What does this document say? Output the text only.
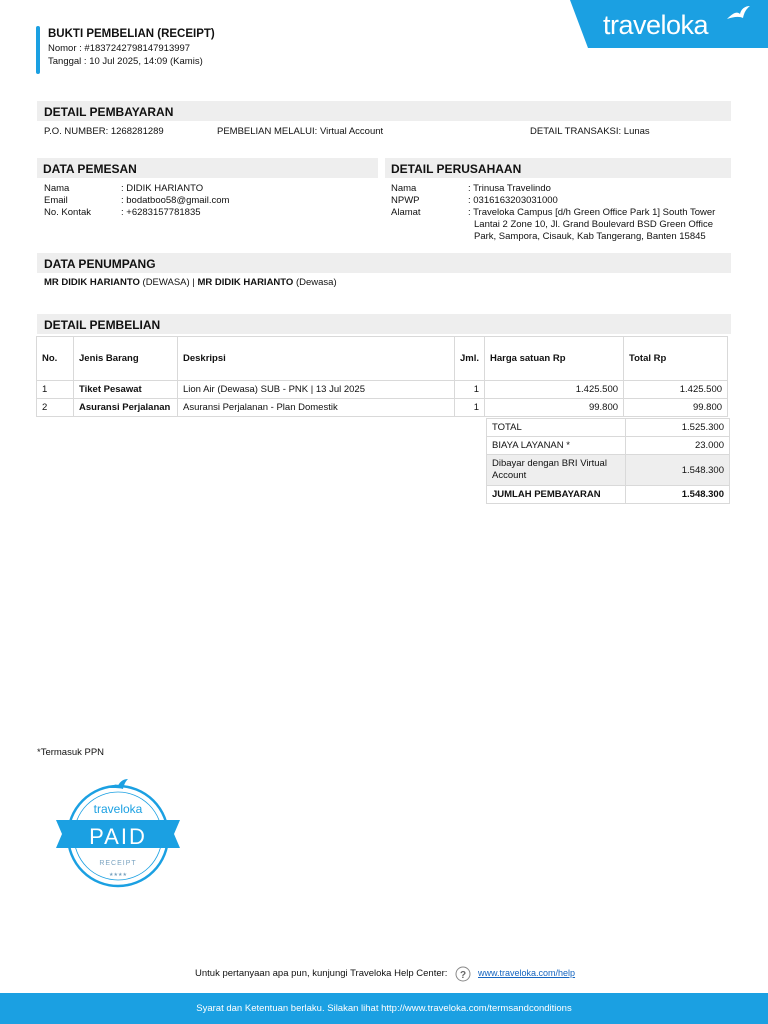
BUKTI PEMBELIAN (RECEIPT)
Nomor : #1837242798147913997
Tanggal : 10 Jul 2025, 14:09 (Kamis)
traveloka
DETAIL PEMBAYARAN
P.O. NUMBER: 1268281289	PEMBELIAN MELALUI: Virtual Account	DETAIL TRANSAKSI: Lunas
DATA PEMESAN	DETAIL PERUSAHAAN
Nama	: DIDIK HARIANTO
Email	: bodatboo58@gmail.com
No. Kontak	: +6283157781835
Nama	: Trinusa Travelindo
NPWP	: 0316163203031000
Alamat	: Traveloka Campus [d/h Green Office Park 1] South Tower
Lantai 2 Zone 10, Jl. Grand Boulevard BSD Green Office
Park, Sampora, Cisauk, Kab Tangerang, Banten 15845
DATA PENUMPANG
MR DIDIK HARIANTO (DEWASA) | MR DIDIK HARIANTO (Dewasa)
DETAIL PEMBELIAN
No.	Jenis Barang	Deskripsi	Jml.	Harga satuan Rp	Total Rp
1	Tiket Pesawat	Lion Air (Dewasa) SUB - PNK | 13 Jul 2025	1	1.425.500	1.425.500
2	Asuransi Perjalanan	Asuransi Perjalanan - Plan Domestik	1	99.800	99.800
TOTAL	1.525.300
BIAYA LAYANAN *	23.000
Dibayar dengan BRI Virtual Account	1.548.300
JUMLAH PEMBAYARAN	1.548.300
*Termasuk PPN
traveloka
PAID
RECEIPT
★★★★
Untuk pertanyaan apa pun, kunjungi Traveloka Help Center: ? www.traveloka.com/help
Syarat dan Ketentuan berlaku. Silakan lihat http://www.traveloka.com/termsandconditions
